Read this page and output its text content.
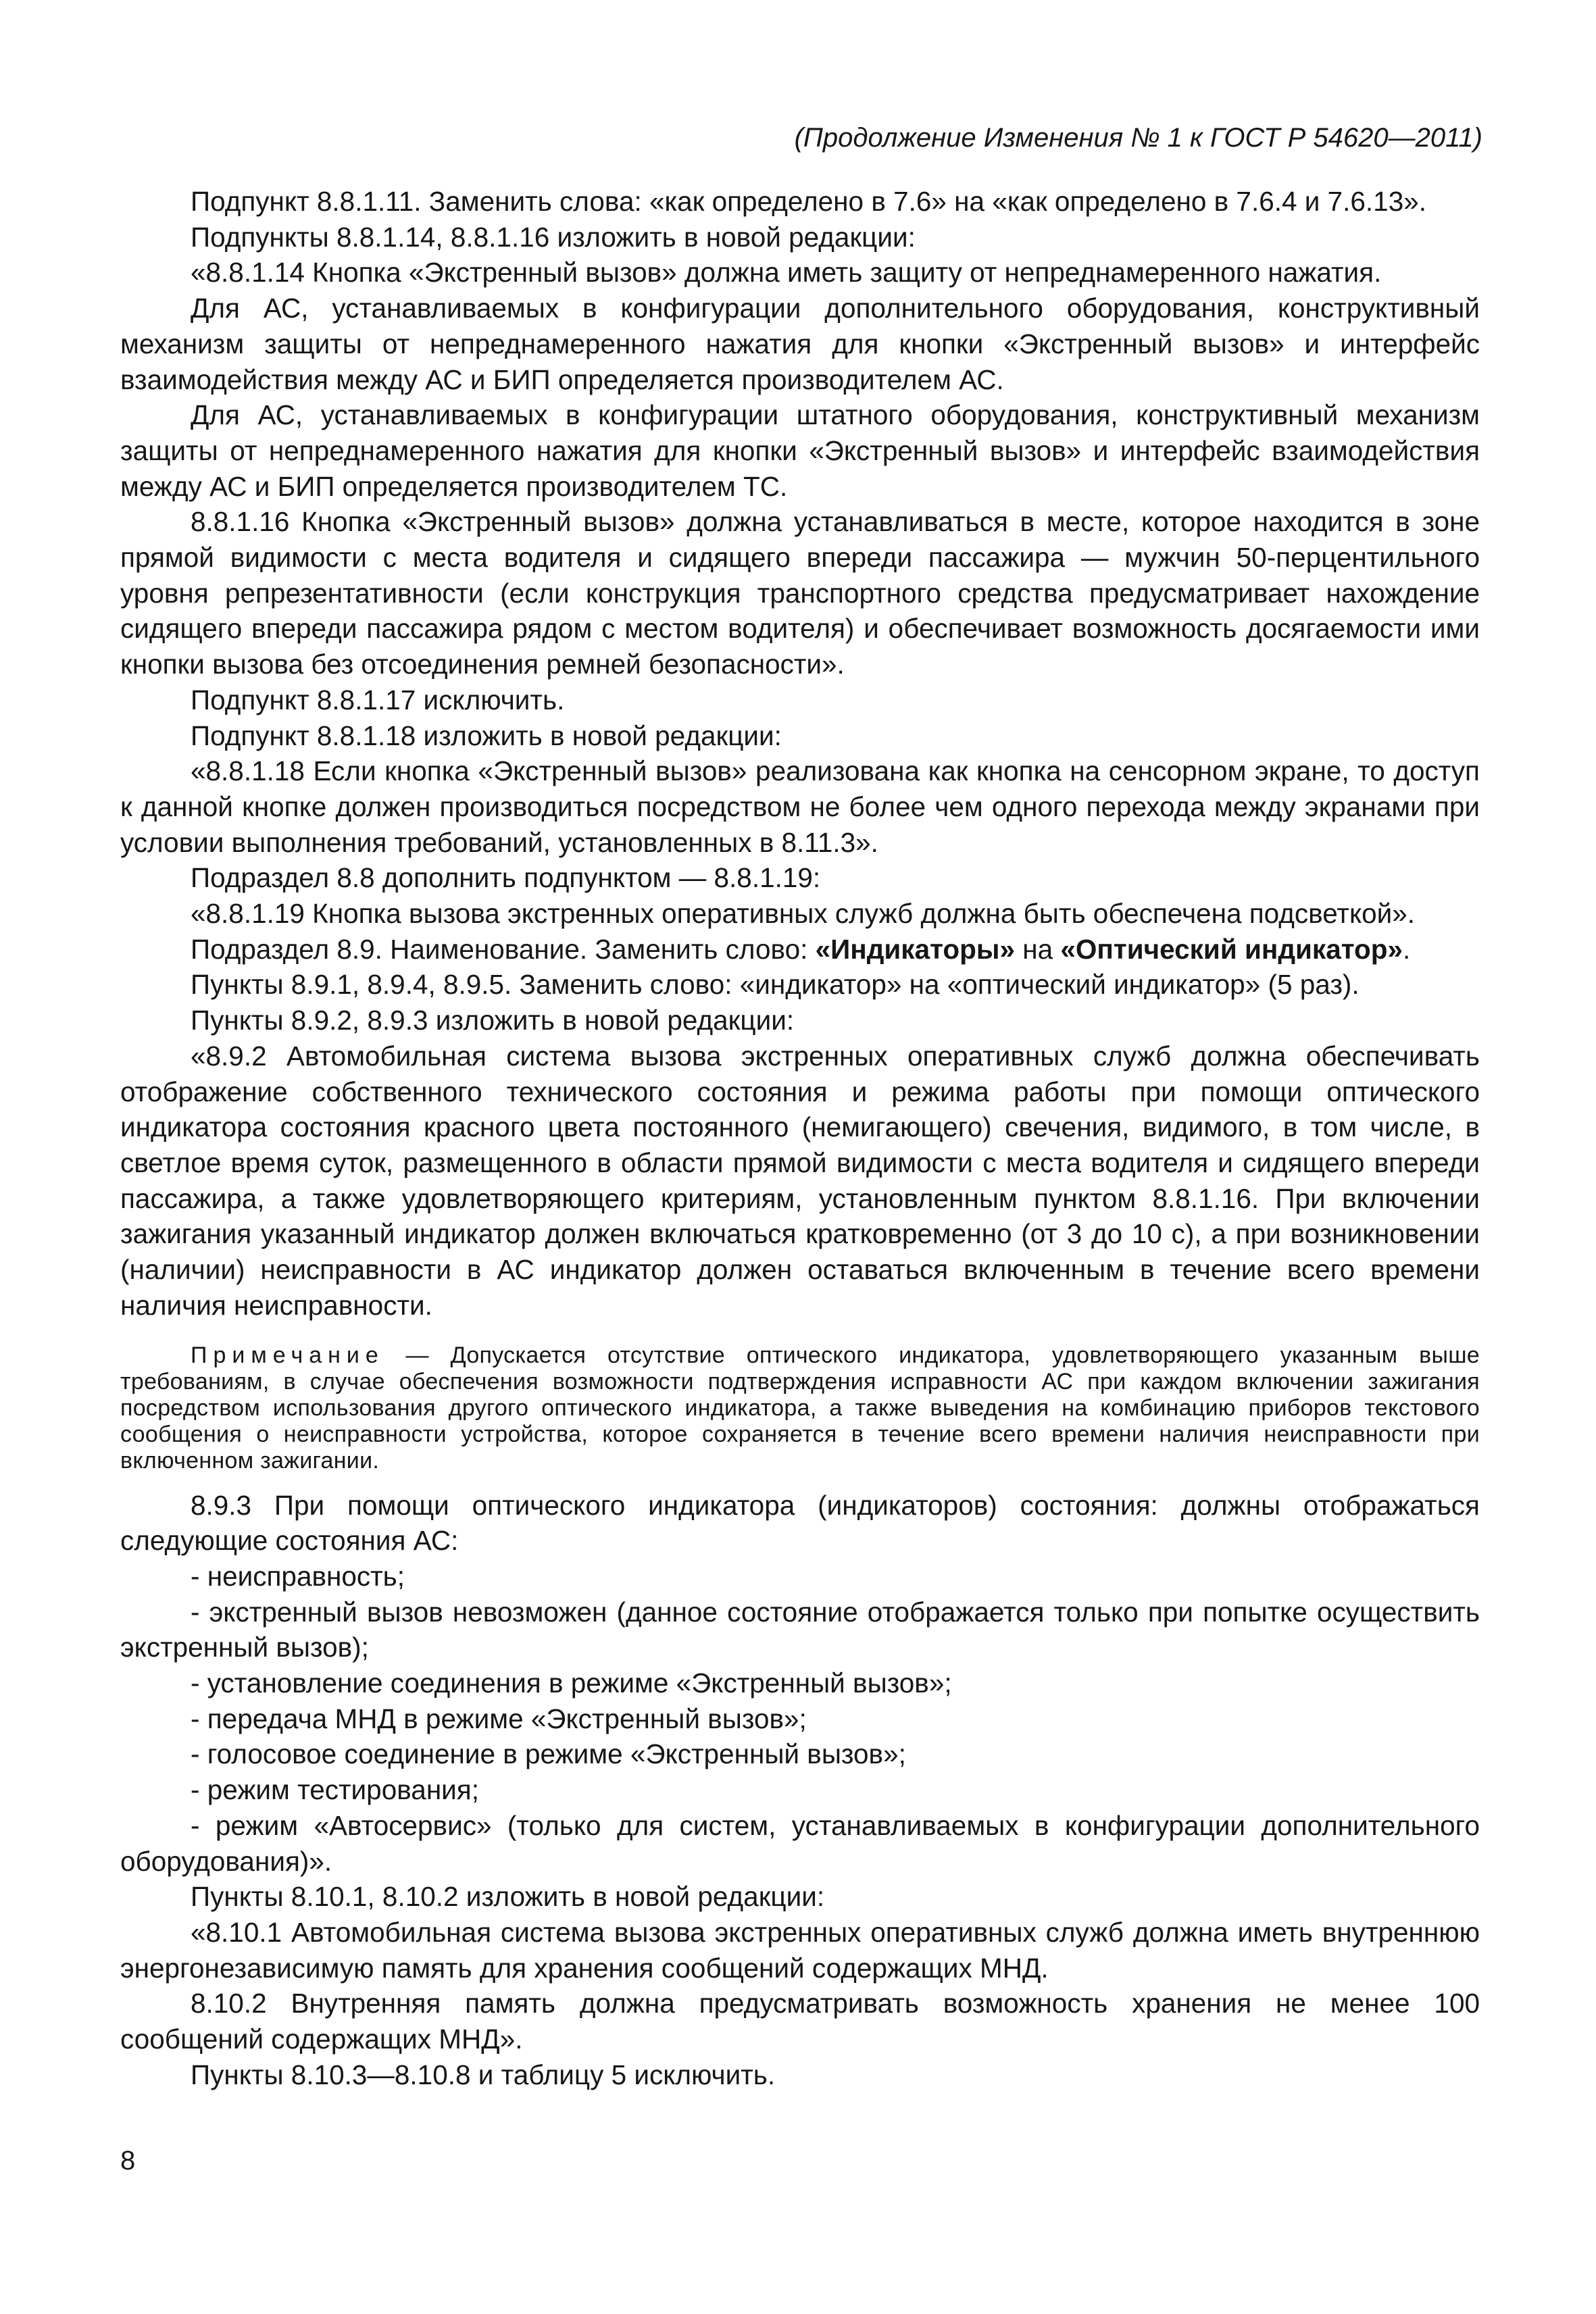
(Продолжение Изменения № 1 к ГОСТ Р 54620—2011)

Подпункт 8.8.1.11. Заменить слова: «как определено в 7.6» на «как определено в 7.6.4 и 7.6.13».

Подпункты 8.8.1.14, 8.8.1.16 изложить в новой редакции:

«8.8.1.14 Кнопка «Экстренный вызов» должна иметь защиту от непреднамеренного нажатия.

Для АС, устанавливаемых в конфигурации дополнительного оборудования, конструктивный механизм защиты от непреднамеренного нажатия для кнопки «Экстренный вызов» и интерфейс взаимодействия между АС и БИП определяется производителем АС.

Для АС, устанавливаемых в конфигурации штатного оборудования, конструктивный механизм защиты от непреднамеренного нажатия для кнопки «Экстренный вызов» и интерфейс взаимодействия между АС и БИП определяется производителем ТС.

8.8.1.16 Кнопка «Экстренный вызов» должна устанавливаться в месте, которое находится в зоне прямой видимости с места водителя и сидящего впереди пассажира — мужчин 50-перцентильного уровня репрезентативности (если конструкция транспортного средства предусматривает нахождение сидящего впереди пассажира рядом с местом водителя) и обеспечивает возможность досягаемости ими кнопки вызова без отсоединения ремней безопасности».

Подпункт 8.8.1.17 исключить.

Подпункт 8.8.1.18 изложить в новой редакции:

«8.8.1.18 Если кнопка «Экстренный вызов» реализована как кнопка на сенсорном экране, то доступ к данной кнопке должен производиться посредством не более чем одного перехода между экранами при условии выполнения требований, установленных в 8.11.3».

Подраздел 8.8 дополнить подпунктом — 8.8.1.19:

«8.8.1.19 Кнопка вызова экстренных оперативных служб должна быть обеспечена подсветкой».

Подраздел 8.9. Наименование. Заменить слово: «Индикаторы» на «Оптический индикатор».

Пункты 8.9.1, 8.9.4, 8.9.5. Заменить слово: «индикатор» на «оптический индикатор» (5 раз).

Пункты 8.9.2, 8.9.3 изложить в новой редакции:

«8.9.2 Автомобильная система вызова экстренных оперативных служб должна обеспечивать отображение собственного технического состояния и режима работы при помощи оптического индикатора состояния красного цвета постоянного (немигающего) свечения, видимого, в том числе, в светлое время суток, размещенного в области прямой видимости с места водителя и сидящего впереди пассажира, а также удовлетворяющего критериям, установленным пунктом 8.8.1.16. При включении зажигания указанный индикатор должен включаться кратковременно (от 3 до 10 с), а при возникновении (наличии) неисправности в АС индикатор должен оставаться включенным в течение всего времени наличия неисправности.

Примечание — Допускается отсутствие оптического индикатора, удовлетворяющего указанным выше требованиям, в случае обеспечения возможности подтверждения исправности АС при каждом включении зажигания посредством использования другого оптического индикатора, а также выведения на комбинацию приборов текстового сообщения о неисправности устройства, которое сохраняется в течение всего времени наличия неисправности при включенном зажигании.

8.9.3 При помощи оптического индикатора (индикаторов) состояния: должны отображаться следующие состояния АС:

- неисправность;

- экстренный вызов невозможен (данное состояние отображается только при попытке осуществить экстренный вызов);

- установление соединения в режиме «Экстренный вызов»;

- передача МНД в режиме «Экстренный вызов»;

- голосовое соединение в режиме «Экстренный вызов»;

- режим тестирования;

- режим «Автосервис» (только для систем, устанавливаемых в конфигурации дополнительного оборудования)».

Пункты 8.10.1, 8.10.2 изложить в новой редакции:

«8.10.1 Автомобильная система вызова экстренных оперативных служб должна иметь внутреннюю энергонезависимую память для хранения сообщений содержащих МНД.

8.10.2 Внутренняя память должна предусматривать возможность хранения не менее 100 сообщений содержащих МНД».

Пункты 8.10.3—8.10.8 и таблицу 5 исключить.

8
